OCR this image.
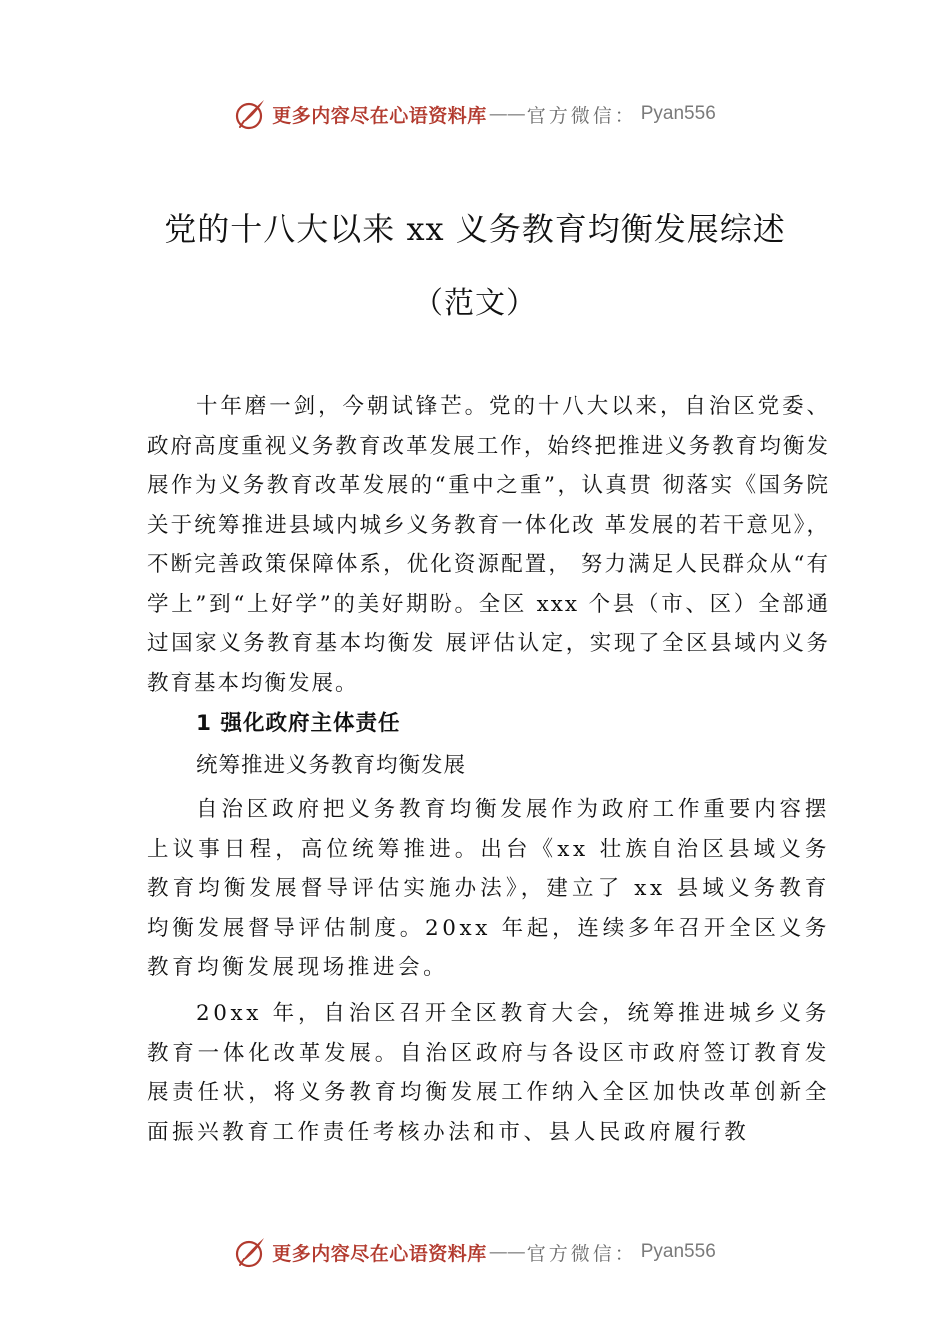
更多内容尽在心语资料库 —— 官方微信： Pyan556
党的十八大以来 xx 义务教育均衡发展综述
（范文）

十年磨一剑，今朝试锋芒。党的十八大以来，自治区党委、政府高度重视义务教育改革发展工作，始终把推进义务教育均衡发展作为义务教育改革发展的“重中之重”，认真贯 彻落实《国务院关于统筹推进县域内城乡义务教育一体化改 革发展的若干意见》，不断完善政策保障体系，优化资源配置， 努力满足人民群众从“有学上”到“上好学”的美好期盼。全区 xxx 个县（市、区）全部通过国家义务教育基本均衡发 展评估认定，实现了全区县域内义务教育基本均衡发展。

1 强化政府主体责任

统筹推进义务教育均衡发展

自治区政府把义务教育均衡发展作为政府工作重要内容摆上议事日程，高位统筹推进。出台《xx 壮族自治区县域义务教育均衡发展督导评估实施办法》，建立了 xx 县域义务教育均衡发展督导评估制度。20xx 年起，连续多年召开全区义务教育均衡发展现场推进会。

20xx 年，自治区召开全区教育大会，统筹推进城乡义务教育一体化改革发展。自治区政府与各设区市政府签订教育发展责任状，将义务教育均衡发展工作纳入全区加快改革创新全面振兴教育工作责任考核办法和市、县人民政府履行教

更多内容尽在心语资料库 —— 官方微信： Pyan556
